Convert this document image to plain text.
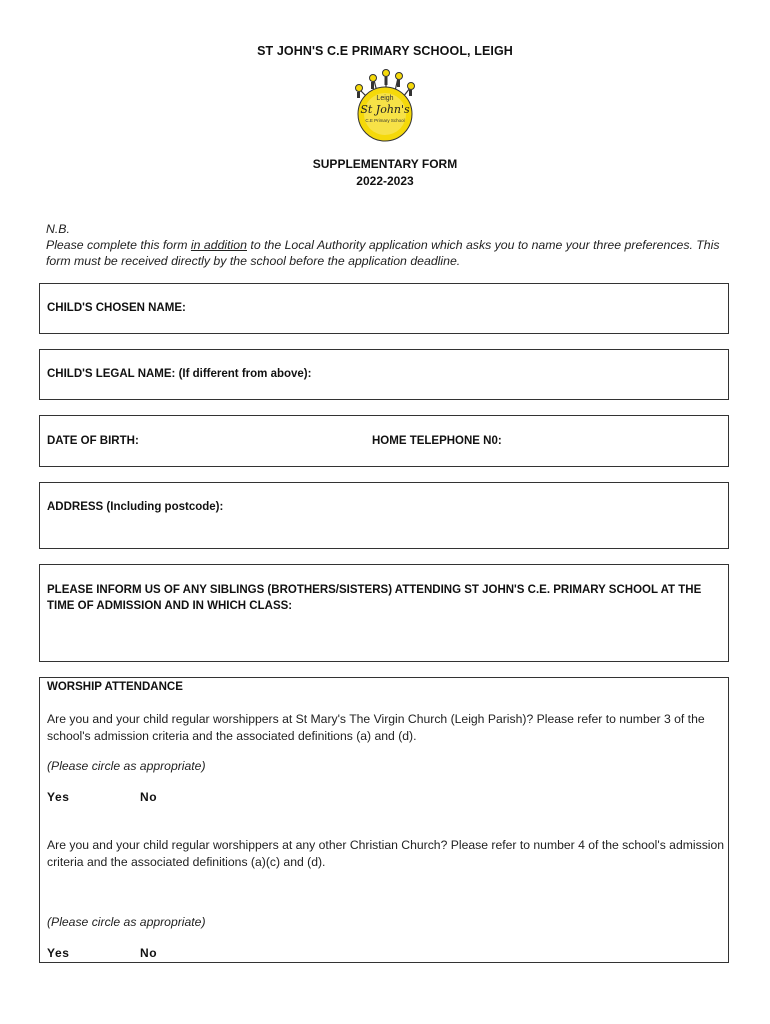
ST JOHN'S C.E PRIMARY SCHOOL, LEIGH
Leigh
St John's
C.E Primary School
SUPPLEMENTARY FORM
2022-2023
N.B.
Please complete this form in addition to the Local Authority application which asks you to name your three preferences. This form must be received directly by the school before the application deadline.
CHILD'S CHOSEN NAME:
CHILD'S LEGAL NAME: (If different from above):
DATE OF BIRTH:	HOME TELEPHONE N0:
ADDRESS (Including postcode):
PLEASE INFORM US OF ANY SIBLINGS (BROTHERS/SISTERS) ATTENDING ST JOHN'S C.E. PRIMARY SCHOOL AT THE TIME OF ADMISSION AND IN WHICH CLASS:
WORSHIP ATTENDANCE
Are you and your child regular worshippers at St Mary's The Virgin Church (Leigh Parish)? Please refer to number 3 of the school's admission criteria and the associated definitions (a) and (d).
(Please circle as appropriate)
Yes	No
Are you and your child regular worshippers at any other Christian Church? Please refer to number 4 of the school's admission criteria and the associated definitions (a)(c) and (d).
(Please circle as appropriate)
Yes	No
